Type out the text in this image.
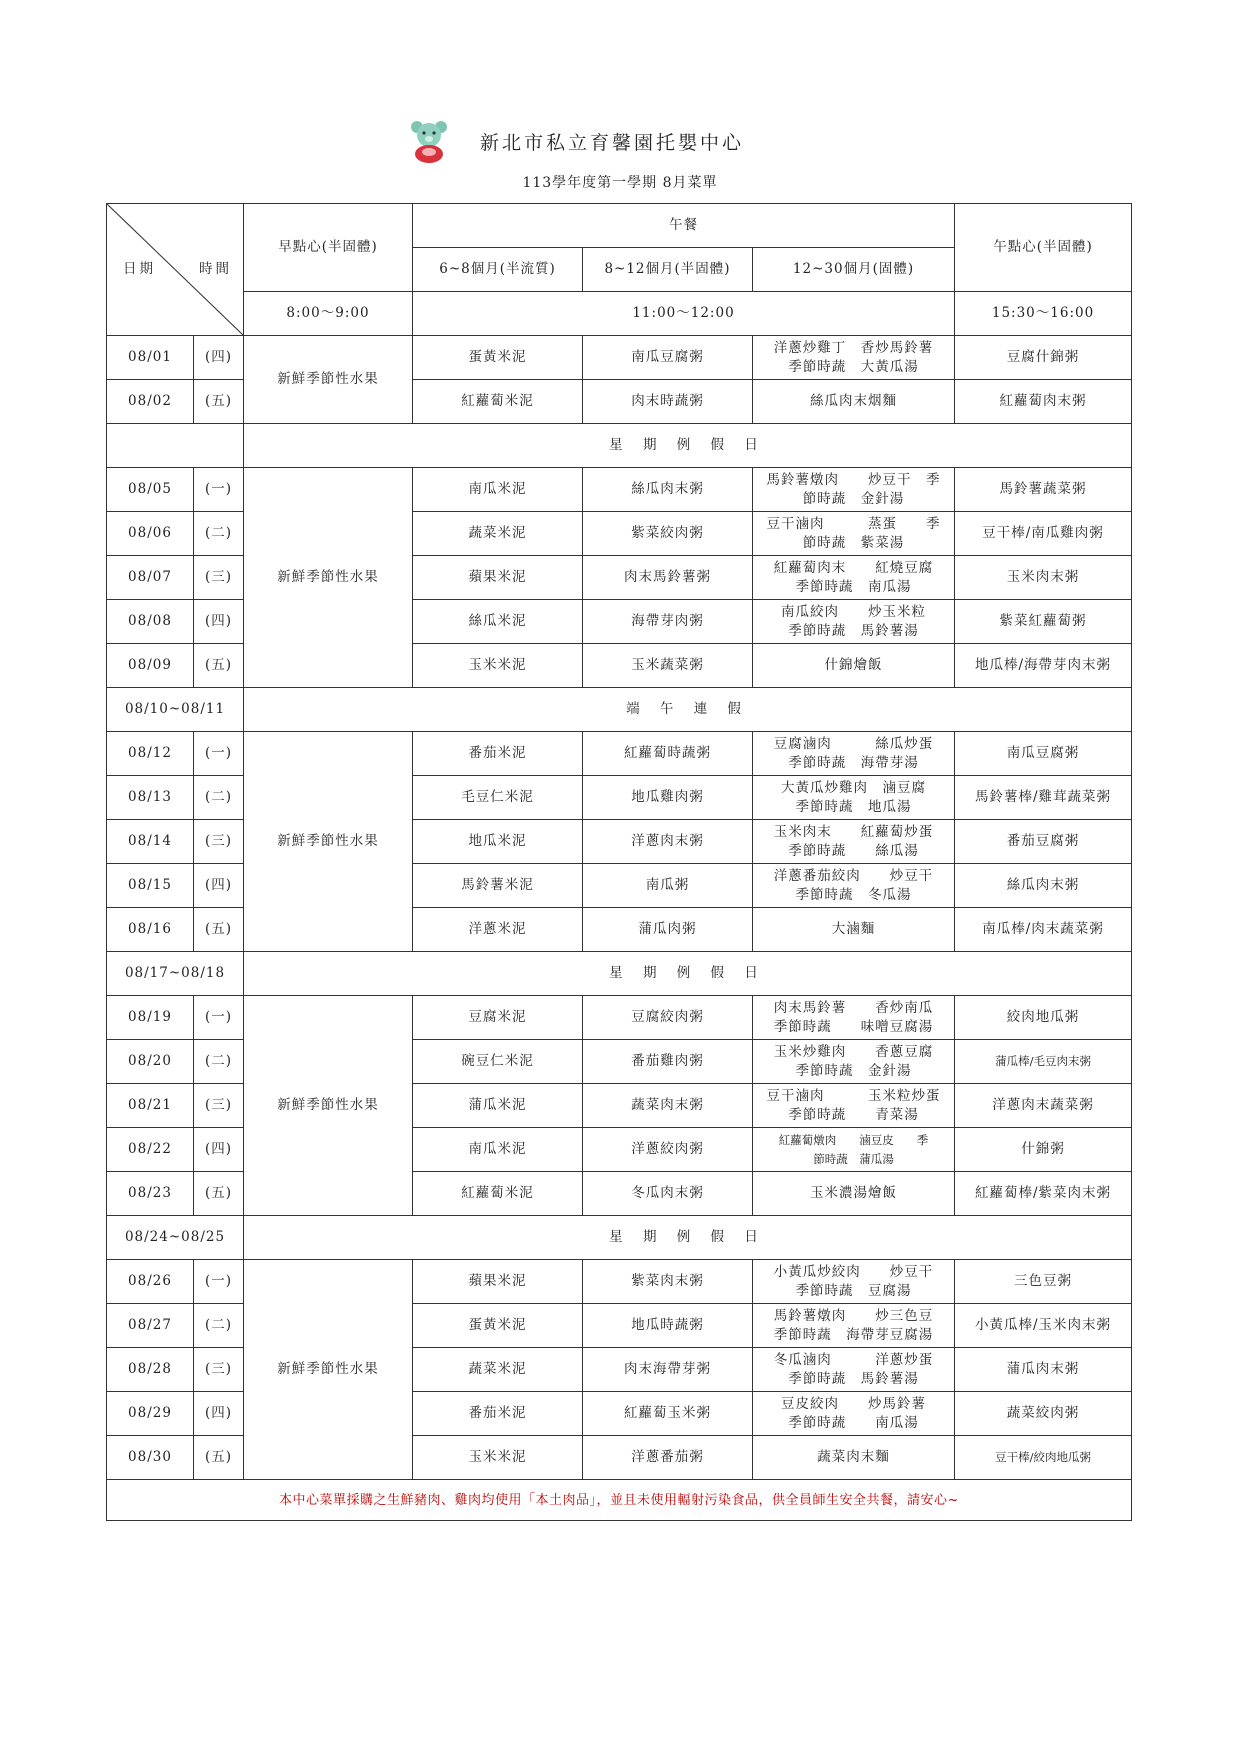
新北市私立育馨園托嬰中心
113學年度第一學期 8月菜單
日期 時間		早點心(半固體)	午餐			午點心(半固體)
			6~8個月(半流質)	8~12個月(半固體)	12~30個月(固體)	
		8:00～9:00	11:00～12:00			15:30～16:00
08/01	(四)	新鮮季節性水果	蛋黃米泥	南瓜豆腐粥	洋蔥炒雞丁　香炒馬鈴薯
季節時蔬　大黃瓜湯	豆腐什錦粥
08/02	(五)		紅蘿蔔米泥	肉末時蔬粥	絲瓜肉末烟麵	紅蘿蔔肉末粥
		星 期 例 假 日				
08/05	(一)	新鮮季節性水果	南瓜米泥	絲瓜肉末粥	馬鈴薯燉肉　　炒豆干　季
節時蔬　金針湯	馬鈴薯蔬菜粥
08/06	(二)		蔬菜米泥	紫菜絞肉粥	豆干滷肉　　　蒸蛋　　季
節時蔬　紫菜湯	豆干棒/南瓜雞肉粥
08/07	(三)		蘋果米泥	肉末馬鈴薯粥	紅蘿蔔肉末　　紅燒豆腐
季節時蔬　南瓜湯	玉米肉末粥
08/08	(四)		絲瓜米泥	海帶芽肉粥	南瓜絞肉　　炒玉米粒
季節時蔬　馬鈴薯湯	紫菜紅蘿蔔粥
08/09	(五)		玉米米泥	玉米蔬菜粥	什錦燴飯	地瓜棒/海帶芽肉末粥
08/10~08/11		端 午 連 假				
08/12	(一)	新鮮季節性水果	番茄米泥	紅蘿蔔時蔬粥	豆腐滷肉　　　絲瓜炒蛋
季節時蔬　海帶芽湯	南瓜豆腐粥
08/13	(二)		毛豆仁米泥	地瓜雞肉粥	大黃瓜炒雞肉　滷豆腐
季節時蔬　地瓜湯	馬鈴薯棒/雞茸蔬菜粥
08/14	(三)		地瓜米泥	洋蔥肉末粥	玉米肉末　　紅蘿蔔炒蛋
季節時蔬　　絲瓜湯	番茄豆腐粥
08/15	(四)		馬鈴薯米泥	南瓜粥	洋蔥番茄絞肉　　炒豆干
季節時蔬　冬瓜湯	絲瓜肉末粥
08/16	(五)		洋蔥米泥	蒲瓜肉粥	大滷麵	南瓜棒/肉末蔬菜粥
08/17~08/18		星 期 例 假 日				
08/19	(一)	新鮮季節性水果	豆腐米泥	豆腐絞肉粥	肉末馬鈴薯　　香炒南瓜
季節時蔬　　味噌豆腐湯	絞肉地瓜粥
08/20	(二)		碗豆仁米泥	番茄雞肉粥	玉米炒雞肉　　香蔥豆腐
季節時蔬　金針湯	蒲瓜棒/毛豆肉末粥
08/21	(三)		蒲瓜米泥	蔬菜肉末粥	豆干滷肉　　　玉米粒炒蛋
季節時蔬　　青菜湯	洋蔥肉末蔬菜粥
08/22	(四)		南瓜米泥	洋蔥絞肉粥	紅蘿蔔燉肉　　滷豆皮　　季
節時蔬　蒲瓜湯	什錦粥
08/23	(五)		紅蘿蔔米泥	冬瓜肉末粥	玉米濃湯燴飯	紅蘿蔔棒/紫菜肉末粥
08/24~08/25		星 期 例 假 日				
08/26	(一)	新鮮季節性水果	蘋果米泥	紫菜肉末粥	小黃瓜炒絞肉　　炒豆干
季節時蔬　豆腐湯	三色豆粥
08/27	(二)		蛋黃米泥	地瓜時蔬粥	馬鈴薯燉肉　　炒三色豆
季節時蔬　海帶芽豆腐湯	小黃瓜棒/玉米肉末粥
08/28	(三)		蔬菜米泥	肉末海帶芽粥	冬瓜滷肉　　　洋蔥炒蛋
季節時蔬　馬鈴薯湯	蒲瓜肉末粥
08/29	(四)		番茄米泥	紅蘿蔔玉米粥	豆皮絞肉　　炒馬鈴薯
季節時蔬　　南瓜湯	蔬菜絞肉粥
08/30	(五)		玉米米泥	洋蔥番茄粥	蔬菜肉末麵	豆干棒/絞肉地瓜粥
本中心菜單採購之生鮮豬肉、雞肉均使用「本土肉品」，並且未使用輻射污染食品，供全員師生安全共餐，請安心~						
